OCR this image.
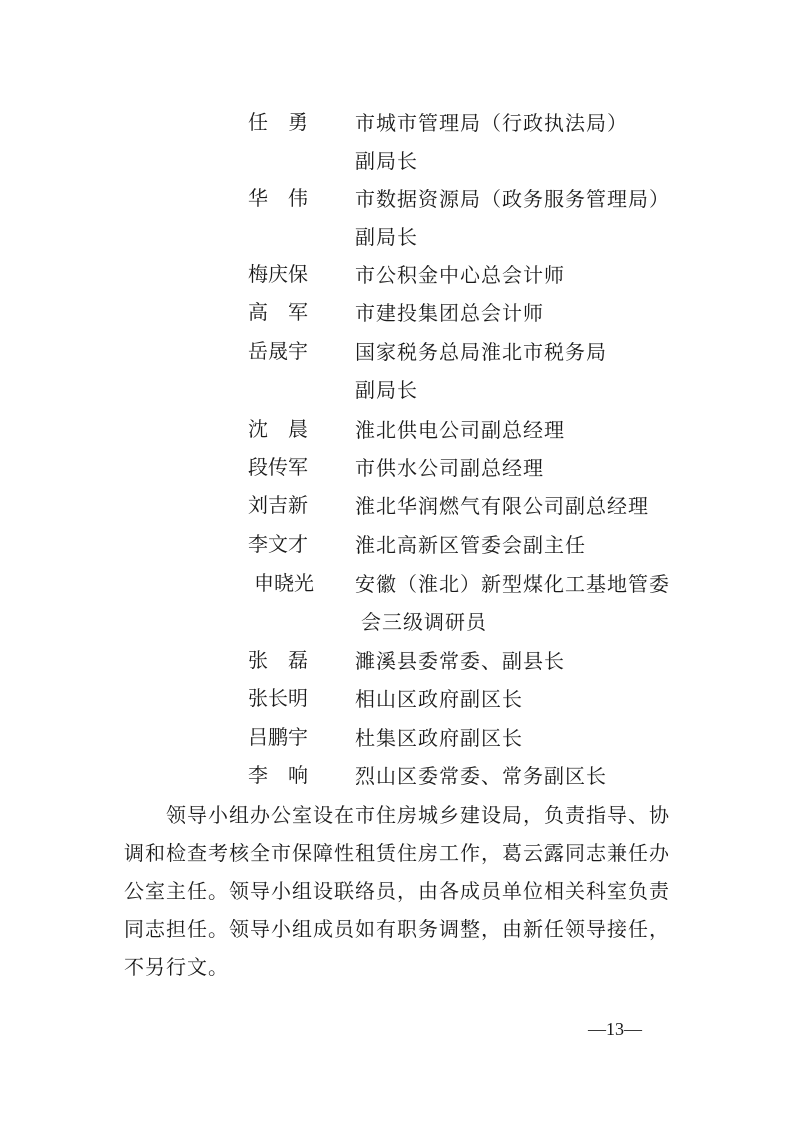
任　勇 市城市管理局（行政执法局）
副局长
华　伟 市数据资源局（政务服务管理局）
副局长
梅庆保 市公积金中心总会计师
高　军 市建投集团总会计师
岳晟宇 国家税务总局淮北市税务局
副局长
沈　晨 淮北供电公司副总经理
段传军 市供水公司副总经理
刘吉新 淮北华润燃气有限公司副总经理
李文才 淮北高新区管委会副主任
申晓光 安徽（淮北）新型煤化工基地管委
会三级调研员
张　磊 濉溪县委常委、副县长
张长明 相山区政府副区长
吕鹏宇 杜集区政府副区长
李　响 烈山区委常委、常务副区长
　　领导小组办公室设在市住房城乡建设局，负责指导、协
调和检查考核全市保障性租赁住房工作，葛云露同志兼任办
公室主任。领导小组设联络员，由各成员单位相关科室负责
同志担任。领导小组成员如有职务调整，由新任领导接任，
不另行文。
—13—
